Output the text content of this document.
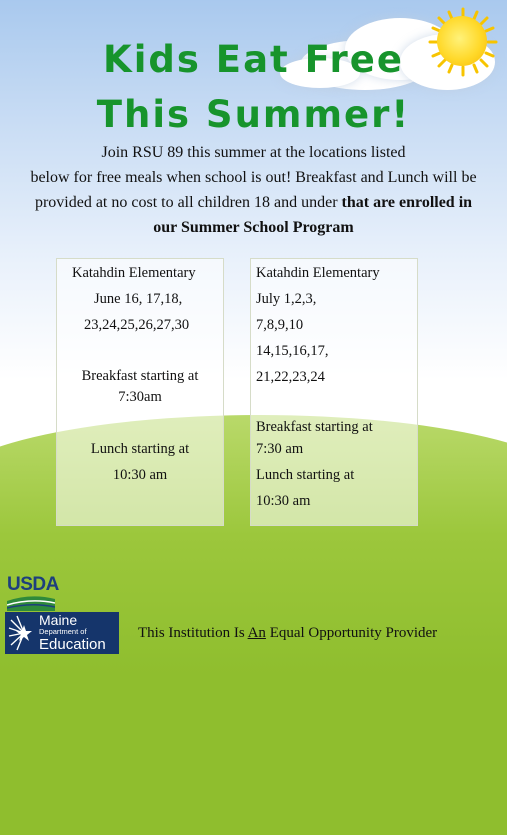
Kids Eat Free
This Summer!
Join RSU 89 this summer at the locations listed
below for free meals when school is out! Breakfast and Lunch will be
provided at no cost to all children 18 and under that are enrolled in
our Summer School Program
Katahdin Elementary
June 16, 17,18,
23,24,25,26,27,30
Breakfast starting at
7:30am
Lunch starting at
10:30 am
Katahdin Elementary
July 1,2,3,
7,8,9,10
14,15,16,17,
21,22,23,24
Breakfast starting at
7:30 am
Lunch starting at
10:30 am
USDA
Maine
Department of
Education
This Institution Is An Equal Opportunity Provider
